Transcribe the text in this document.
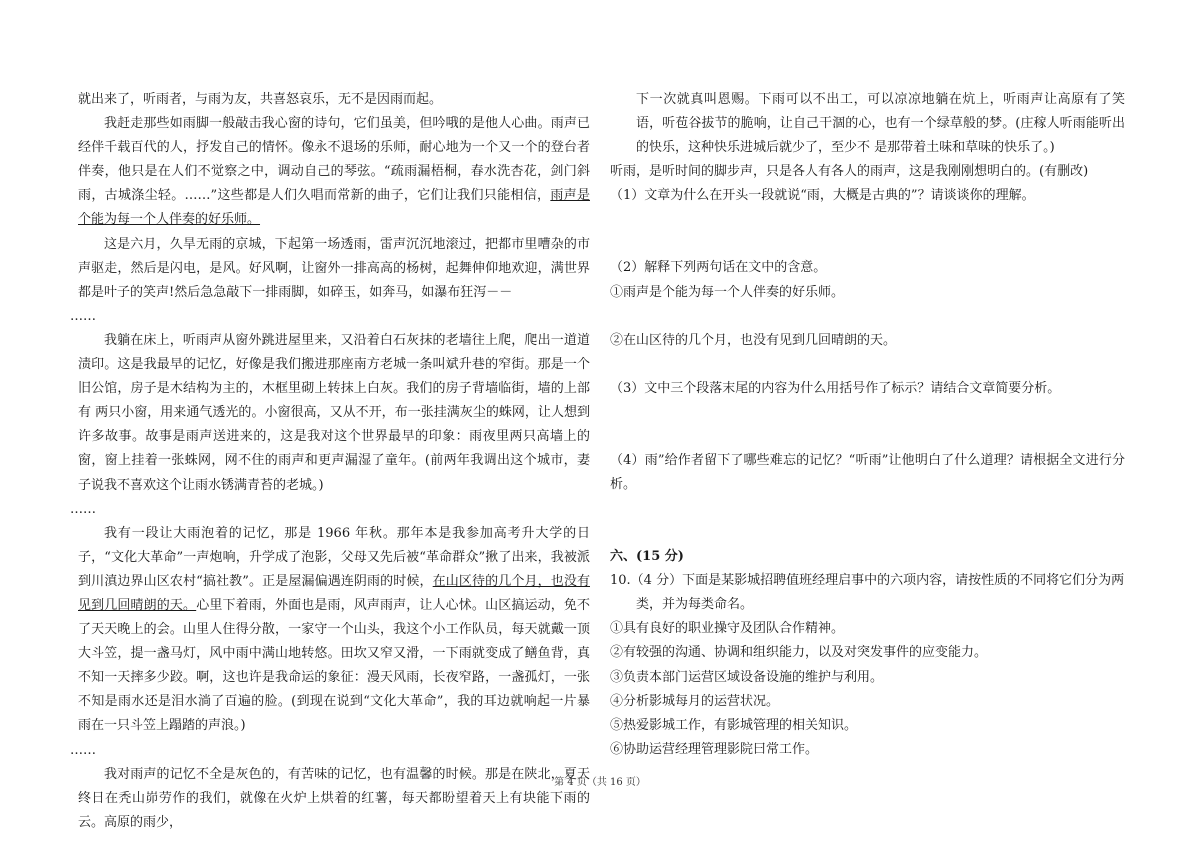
就出来了，听雨者，与雨为友，共喜怒哀乐，无不是因雨而起。

我赶走那些如雨脚一般敲击我心窗的诗句，它们虽美，但吟哦的是他人心曲。雨声已经伴千载百代的人，抒发自己的情怀。像永不退场的乐师，耐心地为一个又一个的登台者伴奏，他只是在人们不觉察之中，调动自己的琴弦。“疏雨漏梧桐，春水洗杏花，剑门斜雨，古城涤尘轻。……”这些都是人们久唱而常新的曲子，它们让我们只能相信，雨声是个能为每一个人伴奏的好乐师。

这是六月，久旱无雨的京城，下起第一场透雨，雷声沉沉地滚过，把都市里嘈杂的市声驱走，然后是闪电，是风。好风啊，让窗外一排高高的杨树，起舞伸仰地欢迎，满世界都是叶子的笑声!然后急急敲下一排雨脚，如碎玉，如奔马，如瀑布狂泻－－

……

我躺在床上，听雨声从窗外跳进屋里来，又沿着白石灰抹的老墙往上爬，爬出一道道渍印。这是我最早的记忆，好像是我们搬进那座南方老城一条叫斌升巷的窄街。那是一个旧公馆，房子是木结构为主的，木框里砌上转抹上白灰。我们的房子背墙临街，墙的上部有 两只小窗，用来通气透光的。小窗很高，又从不开，布一张挂满灰尘的蛛网，让人想到许多故事。故事是雨声送进来的，这是我对这个世界最早的印象：雨夜里两只高墙上的窗，窗上挂着一张蛛网，网不住的雨声和更声漏湿了童年。(前两年我调出这个城市，妻子说我不喜欢这个让雨水锈满青苔的老城。)

……

我有一段让大雨泡着的记忆，那是 1966 年秋。那年本是我参加高考升大学的日子，“文化大革命”一声炮响，升学成了泡影，父母又先后被“革命群众”揪了出来，我被派到川滇边界山区农村“搞社教”。正是屋漏偏遇连阴雨的时候，在山区待的几个月，也没有见到几回晴朗的天。心里下着雨，外面也是雨，风声雨声，让人心怵。山区搞运动，免不了天天晚上的会。山里人住得分散，一家守一个山头，我这个小工作队员，每天就戴一顶大斗笠，提一盏马灯，风中雨中满山地转悠。田坎又窄又滑，一下雨就变成了鳝鱼背，真不知一天摔多少跤。啊，这也许是我命运的象征：漫天风雨，长夜窄路，一盏孤灯，一张不知是雨水还是泪水淌了百遍的脸。(到现在说到“文化大革命”，我的耳边就响起一片暴雨在一只斗笠上蹋踏的声浪。)

……

我对雨声的记忆不全是灰色的，有苦味的记忆，也有温馨的时候。那是在陕北，夏天终日在秃山峁劳作的我们，就像在火炉上烘着的红薯，每天都盼望着天上有块能下雨的云。高原的雨少，

下一次就真叫恩赐。下雨可以不出工，可以凉凉地躺在炕上，听雨声让高原有了笑语，听苞谷拔节的脆响，让自己干涸的心，也有一个绿草般的梦。(庄稼人听雨能听出的快乐，这种快乐进城后就少了，至少不 是那带着土味和草味的快乐了。)

听雨，是听时间的脚步声，只是各人有各人的雨声，这是我刚刚想明白的。(有删改)

（1）文章为什么在开头一段就说“雨，大概是古典的”？请谈谈你的理解。

（2）解释下列两句话在文中的含意。

①雨声是个能为每一个人伴奏的好乐师。

②在山区待的几个月，也没有见到几回晴朗的天。

（3）文中三个段落末尾的内容为什么用括号作了标示？请结合文章简要分析。

（4）雨”给作者留下了哪些难忘的记忆？“听雨”让他明白了什么道理？请根据全文进行分析。

六、(15 分)

10.（4 分）下面是某影城招聘值班经理启事中的六项内容，请按性质的不同将它们分为两类，并为每类命名。

①具有良好的职业操守及团队合作精神。

②有较强的沟通、协调和组织能力，以及对突发事件的应变能力。

③负责本部门运营区域设备设施的维护与利用。

④分析影城每月的运营状况。

⑤热爱影城工作，有影城管理的相关知识。

⑥协助运营经理管理影院曰常工作。

第 4 页（共 16 页）
